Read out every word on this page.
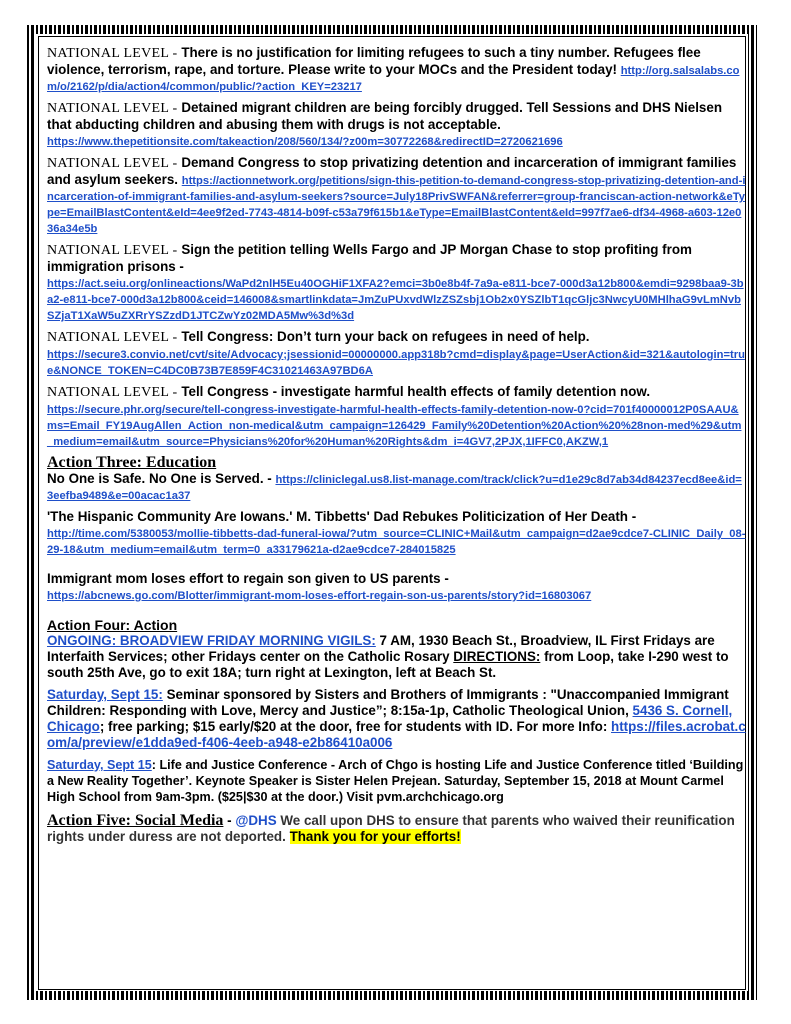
NATIONAL LEVEL - There is no justification for limiting refugees to such a tiny number. Refugees flee violence, terrorism, rape, and torture. Please write to your MOCs and the President today! http://org.salsalabs.com/o/2162/p/dia/action4/common/public/?action_KEY=23217
NATIONAL LEVEL - Detained migrant children are being forcibly drugged. Tell Sessions and DHS Nielsen that abducting children and abusing them with drugs is not acceptable.
https://www.thepetitionsite.com/takeaction/208/560/134/?z00m=30772268&redirectID=2720621696
NATIONAL LEVEL - Demand Congress to stop privatizing detention and incarceration of immigrant families and asylum seekers. https://actionnetwork.org/petitions/sign-this-petition-to-demand-congress-stop-privatizing-detention-and-incarceration-of-immigrant-families-and-asylum-seekers?source=July18PrivSWFAN&referrer=group-franciscan-action-network&eType=EmailBlastContent&eId=4ee9f2ed-7743-4814-b09f-c53a79f615b1&eType=EmailBlastContent&eId=997f7ae6-df34-4968-a603-12e036a34e5b
NATIONAL LEVEL - Sign the petition telling Wells Fargo and JP Morgan Chase to stop profiting from immigration prisons -
https://act.seiu.org/onlineactions/WaPd2nlH5Eu40OGHiF1XFA2?emci=3b0e8b4f-7a9a-e811-bce7-000d3a12b800&emdi=9298baa9-3ba2-e811-bce7-000d3a12b800&ceid=146008&smartlinkdata=JmZuPUxvdWlzZSZsbj1Ob2x0YSZlbT1qcGljc3NwcyU0MHlhaG9vLmNvbSZjaT1XaW5uZXRrYSZzdD1JTCZwYz02MDA5Mw%3d%3d
NATIONAL LEVEL - Tell Congress: Don’t turn your back on refugees in need of help.
https://secure3.convio.net/cvt/site/Advocacy;jsessionid=00000000.app318b?cmd=display&page=UserAction&id=321&autologin=true&NONCE_TOKEN=C4DC0B73B7E859F4C31021463A97BD6A
NATIONAL LEVEL - Tell Congress - investigate harmful health effects of family detention now.
https://secure.phr.org/secure/tell-congress-investigate-harmful-health-effects-family-detention-now-0?cid=701f40000012P0SAAU&ms=Email_FY19AugAllen_Action_non-medical&utm_campaign=126429_Family%20Detention%20Action%20%28non-med%29&utm_medium=email&utm_source=Physicians%20for%20Human%20Rights&dm_i=4GV7,2PJX,1IFFC0,AKZW,1
Action Three: Education
No One is Safe. No One is Served. - https://cliniclegal.us8.list-manage.com/track/click?u=d1e29c8d7ab34d84237ecd8ee&id=3eefba9489&e=00acac1a37
'The Hispanic Community Are Iowans.' M. Tibbetts' Dad Rebukes Politicization of Her Death -
http://time.com/5380053/mollie-tibbetts-dad-funeral-iowa/?utm_source=CLINIC+Mail&utm_campaign=d2ae9cdce7-CLINIC_Daily_08-29-18&utm_medium=email&utm_term=0_a33179621a-d2ae9cdce7-284015825
Immigrant mom loses effort to regain son given to US parents -
https://abcnews.go.com/Blotter/immigrant-mom-loses-effort-regain-son-us-parents/story?id=16803067
Action Four: Action
ONGOING: BROADVIEW FRIDAY MORNING VIGILS: 7 AM, 1930 Beach St., Broadview, IL First Fridays are Interfaith Services; other Fridays center on the Catholic Rosary DIRECTIONS: from Loop, take I-290 west to south 25th Ave, go to exit 18A; turn right at Lexington, left at Beach St.
Saturday, Sept 15: Seminar sponsored by Sisters and Brothers of Immigrants : "Unaccompanied Immigrant Children: Responding with Love, Mercy and Justice”; 8:15a-1p, Catholic Theological Union, 5436 S. Cornell, Chicago; free parking; $15 early/$20 at the door, free for students with ID. For more Info: https://files.acrobat.com/a/preview/e1dda9ed-f406-4eeb-a948-e2b86410a006
Saturday, Sept 15: Life and Justice Conference - Arch of Chgo is hosting Life and Justice Conference titled ‘Building a New Reality Together’. Keynote Speaker is Sister Helen Prejean. Saturday, September 15, 2018 at Mount Carmel High School from 9am-3pm. ($25|$30 at the door.) Visit pvm.archchicago.org
Action Five: Social Media - @DHS We call upon DHS to ensure that parents who waived their reunification rights under duress are not deported. Thank you for your efforts!
